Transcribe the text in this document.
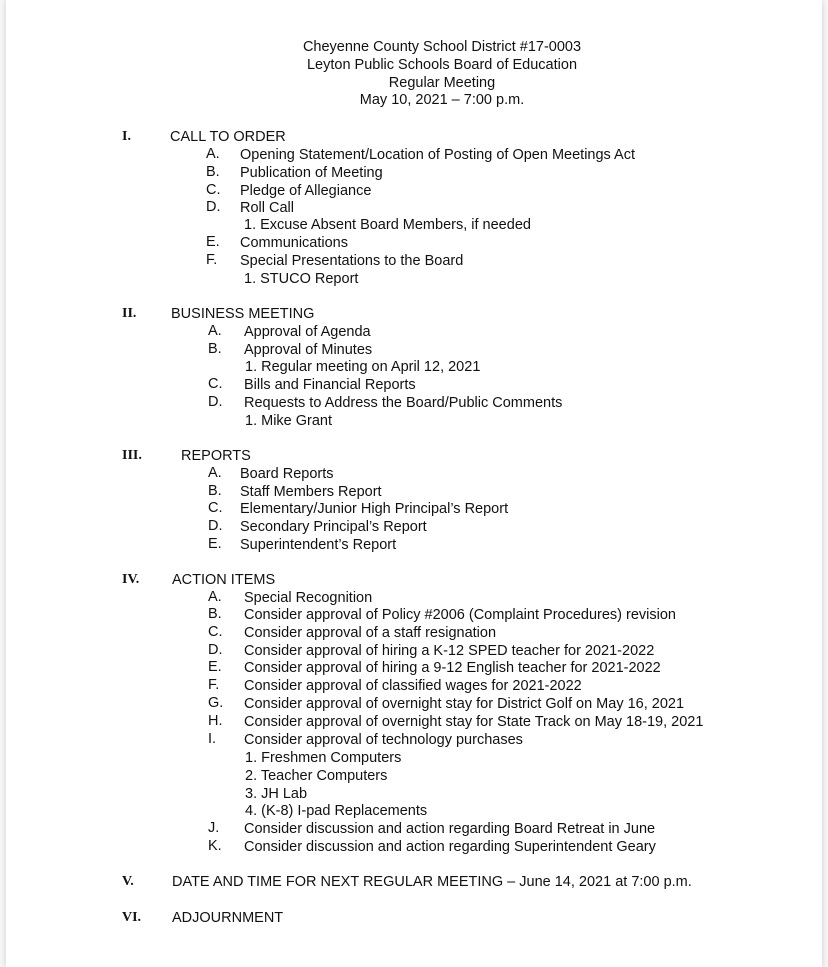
Cheyenne County School District #17-0003
Leyton Public Schools Board of Education
Regular Meeting
May 10, 2021 – 7:00 p.m.
I.	CALL TO ORDER
A. Opening Statement/Location of Posting of Open Meetings Act
B. Publication of Meeting
C. Pledge of Allegiance
D. Roll Call
1. Excuse Absent Board Members, if needed
E. Communications
F. Special Presentations to the Board
1. STUCO Report
II. BUSINESS MEETING
A. Approval of Agenda
B. Approval of Minutes
1. Regular meeting on April 12, 2021
C. Bills and Financial Reports
D. Requests to Address the Board/Public Comments
1. Mike Grant
III.	REPORTS
A. Board Reports
B. Staff Members Report
C. Elementary/Junior High Principal’s Report
D. Secondary Principal’s Report
E. Superintendent’s Report
IV. ACTION ITEMS
A. Special Recognition
B. Consider approval of Policy #2006 (Complaint Procedures) revision
C. Consider approval of a staff resignation
D. Consider approval of hiring a K-12 SPED teacher for 2021-2022
E. Consider approval of hiring a 9-12 English teacher for 2021-2022
F. Consider approval of classified wages for 2021-2022
G. Consider approval of overnight stay for District Golf on May 16, 2021
H. Consider approval of overnight stay for State Track on May 18-19, 2021
I. Consider approval of technology purchases
1. Freshmen Computers
2. Teacher Computers
3. JH Lab
4. (K-8) I-pad Replacements
J. Consider discussion and action regarding Board Retreat in June
K. Consider discussion and action regarding Superintendent Geary
V.	DATE AND TIME FOR NEXT REGULAR MEETING – June 14, 2021 at 7:00 p.m.
VI. ADJOURNMENT
